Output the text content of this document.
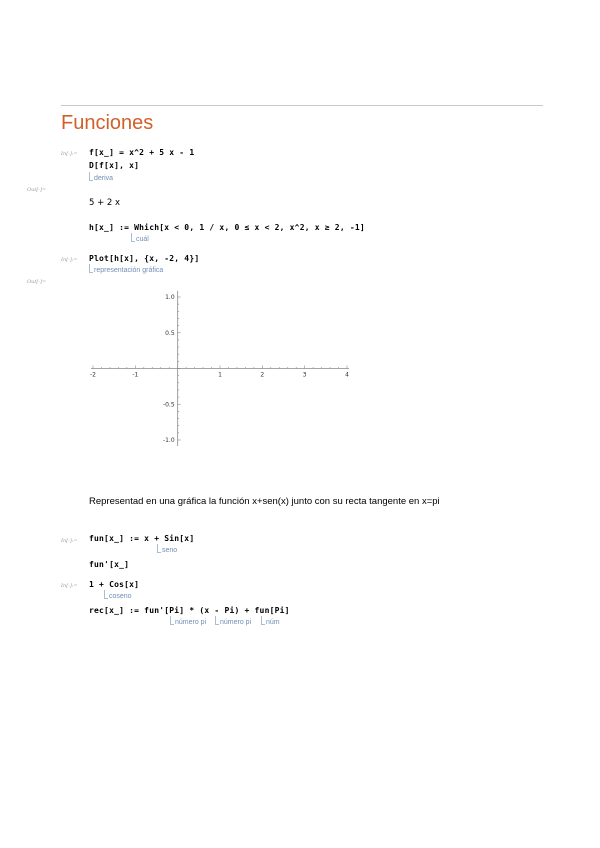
Funciones
In[-]:= f[x_] = x^2 + 5 x - 1
D[f[x], x]
deriva
Out[-]=
5 + 2 x
h[x_] := Which[x < 0, 1 / x, 0 ≤ x < 2, x^2, x ≥ 2, -1]
cuál
In[-]:= Plot[h[x], {x, -2, 4}]
representación gráfica
Out[-]=
-2	-1	1	2	3	4
1.0
0.5
-0.5
-1.0
Representad en una gráfica la función x+sen(x) junto con su recta tangente en x=pi
In[-]:= fun[x_] := x + Sin[x]
seno
fun'[x_]
In[-]:= 1 + Cos[x]
coseno
rec[x_] := fun'[Pi] * (x - Pi) + fun[Pi]
número pi	número pi	núm
